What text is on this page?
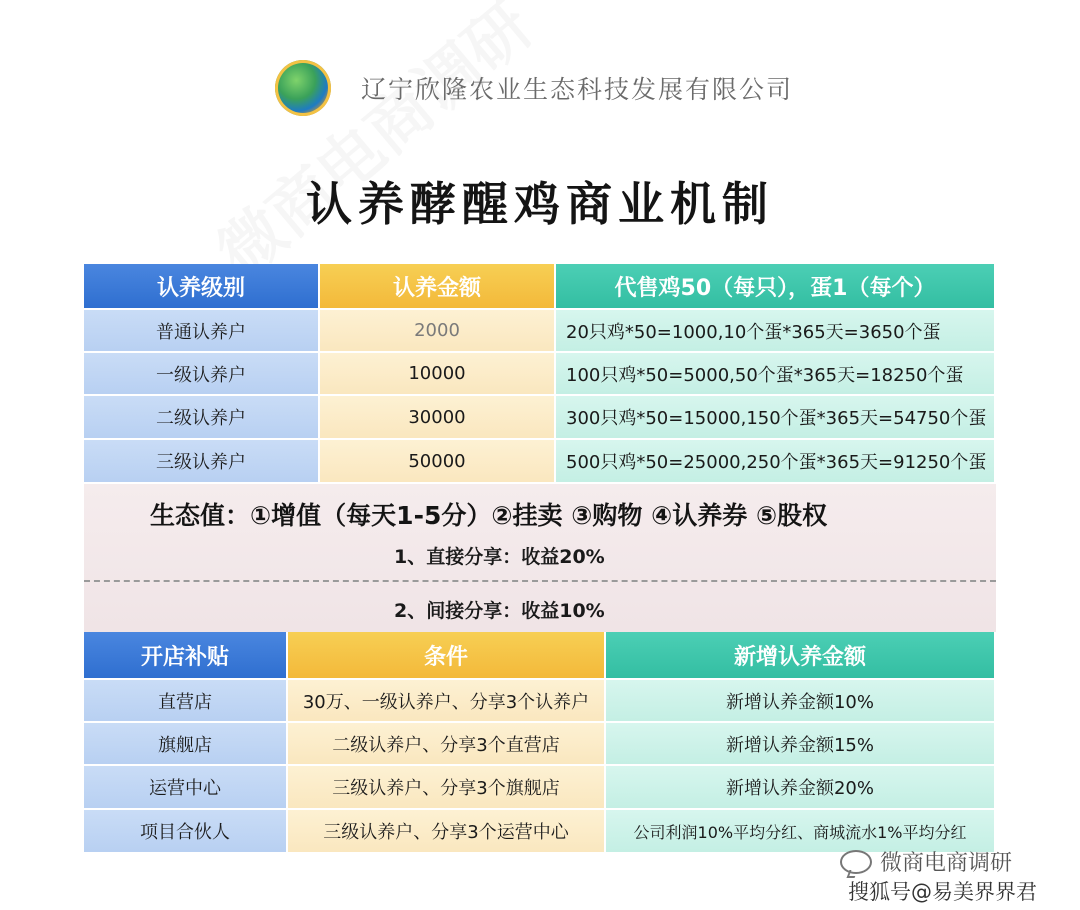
辽宁欣隆农业生态科技发展有限公司
认养酵醒鸡商业机制
认养级别	认养金额	代售鸡50（每只），蛋1（每个）
普通认养户	2000	20只鸡*50=1000,10个蛋*365天=3650个蛋
一级认养户	10000	100只鸡*50=5000,50个蛋*365天=18250个蛋
二级认养户	30000	300只鸡*50=15000,150个蛋*365天=54750个蛋
三级认养户	50000	500只鸡*50=25000,250个蛋*365天=91250个蛋
生态值：①增值（每天1-5分）②挂卖 ③购物 ④认养券 ⑤股权
1、直接分享：收益20%
2、间接分享：收益10%
开店补贴	条件	新增认养金额
直营店	30万、一级认养户、分享3个认养户	新增认养金额10%
旗舰店	二级认养户、分享3个直营店	新增认养金额15%
运营中心	三级认养户、分享3个旗舰店	新增认养金额20%
项目合伙人	三级认养户、分享3个运营中心	公司利润10%平均分红、商城流水1%平均分红
微商电商调研
搜狐号@易美界界君
